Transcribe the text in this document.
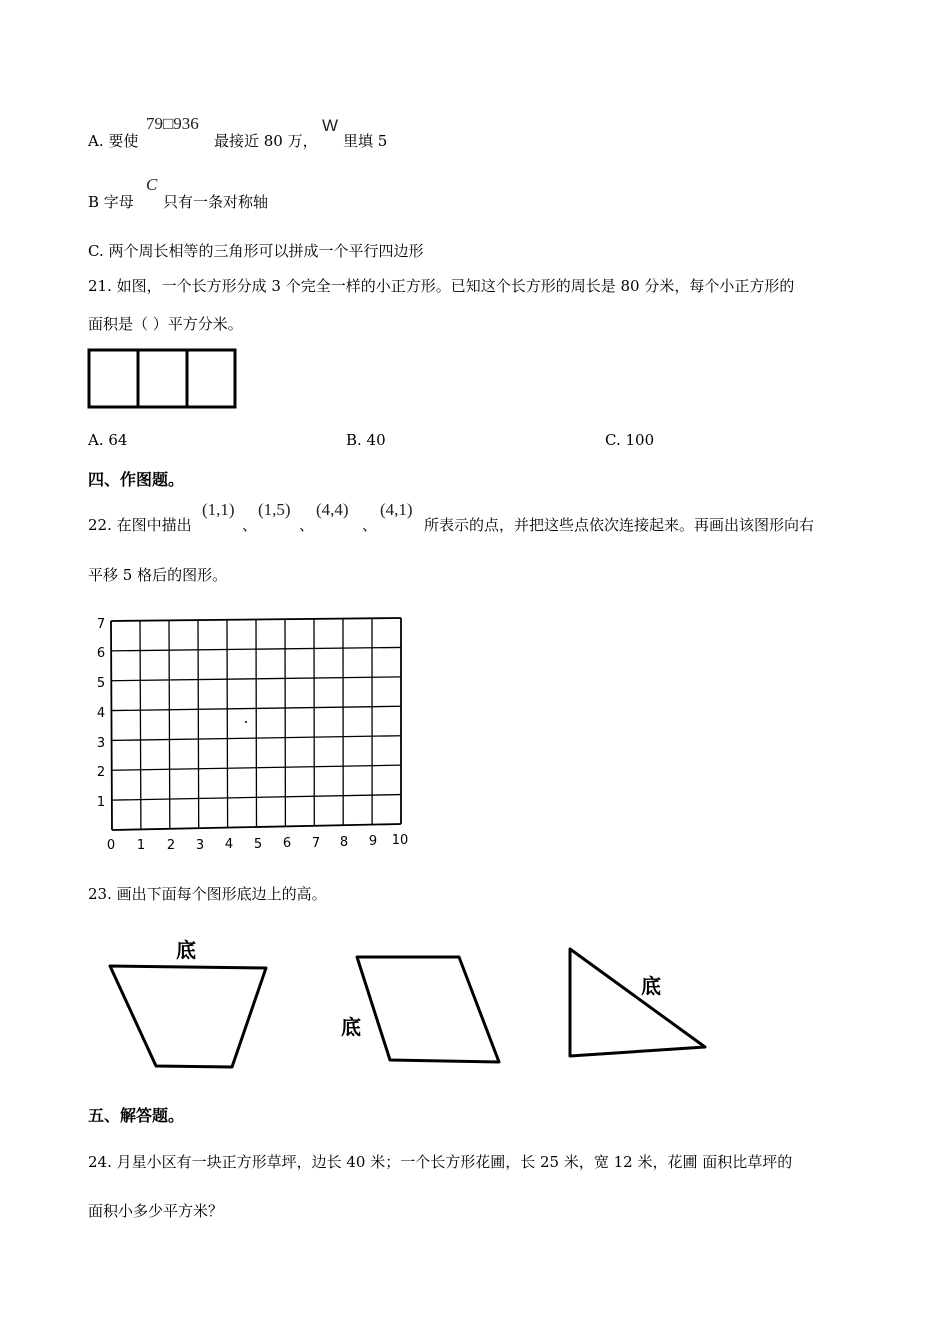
A. 要使
79□936
最接近 80 万，
W
里填 5
B 字母
C
只有一条对称轴
C. 两个周长相等的三角形可以拼成一个平行四边形
21. 如图，一个长方形分成 3 个完全一样的小正方形。已知这个长方形的周长是 80 分米，每个小正方形的
面积是（ ）平方分米。
A. 64	B. 40	C. 100
四、作图题。
22. 在图中描出
(1,1)
、
(1,5)
、
(4,4)
、
(4,1)
所表示的点，并把这些点依次连接起来。再画出该图形向右
平移 5 格后的图形。
0 1 2 3 4 5 6 7 8 9 10
1
2
3
4
5
6
7
23. 画出下面每个图形底边上的高。
底
底
底
五、解答题。
24. 月星小区有一块正方形草坪，边长 40 米；一个长方形花圃，长 25 米，宽 12 米，花圃 面积比草坪的
面积小多少平方米？
